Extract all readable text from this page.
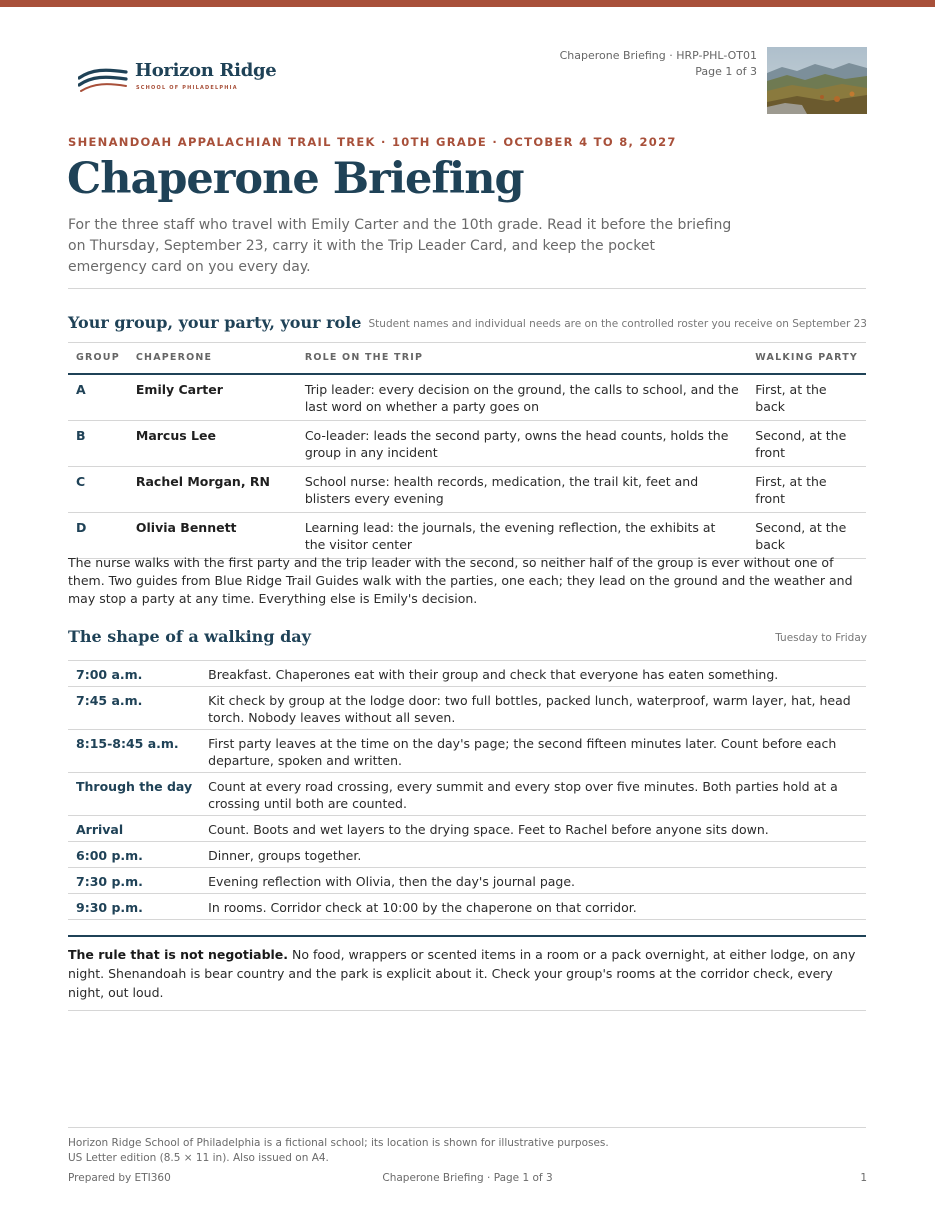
Horizon Ridge
SCHOOL OF PHILADELPHIA
Chaperone Briefing · HRP-PHL-OT01
Page 1 of 3
SHENANDOAH APPALACHIAN TRAIL TREK · 10TH GRADE · OCTOBER 4 TO 8, 2027
Chaperone Briefing

For the three staff who travel with Emily Carter and the 10th grade. Read it before the briefing on Thursday, September 23, carry it with the Trip Leader Card, and keep the pocket emergency card on you every day.

Your group, your party, your role Student names and individual needs are on the controlled roster you receive on September 23
GROUP	CHAPERONE	ROLE ON THE TRIP	WALKING PARTY
A	Emily Carter	Trip leader: every decision on the ground, the calls to school, and the last word on whether a party goes on	First, at the back
B	Marcus Lee	Co-leader: leads the second party, owns the head counts, holds the group in any incident	Second, at the front
C	Rachel Morgan, RN	School nurse: health records, medication, the trail kit, feet and blisters every evening	First, at the front
D	Olivia Bennett	Learning lead: the journals, the evening reflection, the exhibits at the visitor center	Second, at the back

The nurse walks with the first party and the trip leader with the second, so neither half of the group is ever without one of them. Two guides from Blue Ridge Trail Guides walk with the parties, one each; they lead on the ground and the weather and may stop a party at any time. Everything else is Emily's decision.

The shape of a walking day	Tuesday to Friday
7:00 a.m.	Breakfast. Chaperones eat with their group and check that everyone has eaten something.
7:45 a.m.	Kit check by group at the lodge door: two full bottles, packed lunch, waterproof, warm layer, hat, head torch. Nobody leaves without all seven.
8:15-8:45 a.m.	First party leaves at the time on the day's page; the second fifteen minutes later. Count before each departure, spoken and written.
Through the day	Count at every road crossing, every summit and every stop over five minutes. Both parties hold at a crossing until both are counted.
Arrival	Count. Boots and wet layers to the drying space. Feet to Rachel before anyone sits down.
6:00 p.m.	Dinner, groups together.
7:30 p.m.	Evening reflection with Olivia, then the day's journal page.
9:30 p.m.	In rooms. Corridor check at 10:00 by the chaperone on that corridor.
The rule that is not negotiable. No food, wrappers or scented items in a room or a pack overnight, at either lodge, on any night. Shenandoah is bear country and the park is explicit about it. Check your group's rooms at the corridor check, every night, out loud.
Horizon Ridge School of Philadelphia is a fictional school; its location is shown for illustrative purposes.
US Letter edition (8.5 × 11 in). Also issued on A4.
Prepared by ETI360	Chaperone Briefing · Page 1 of 3	1
